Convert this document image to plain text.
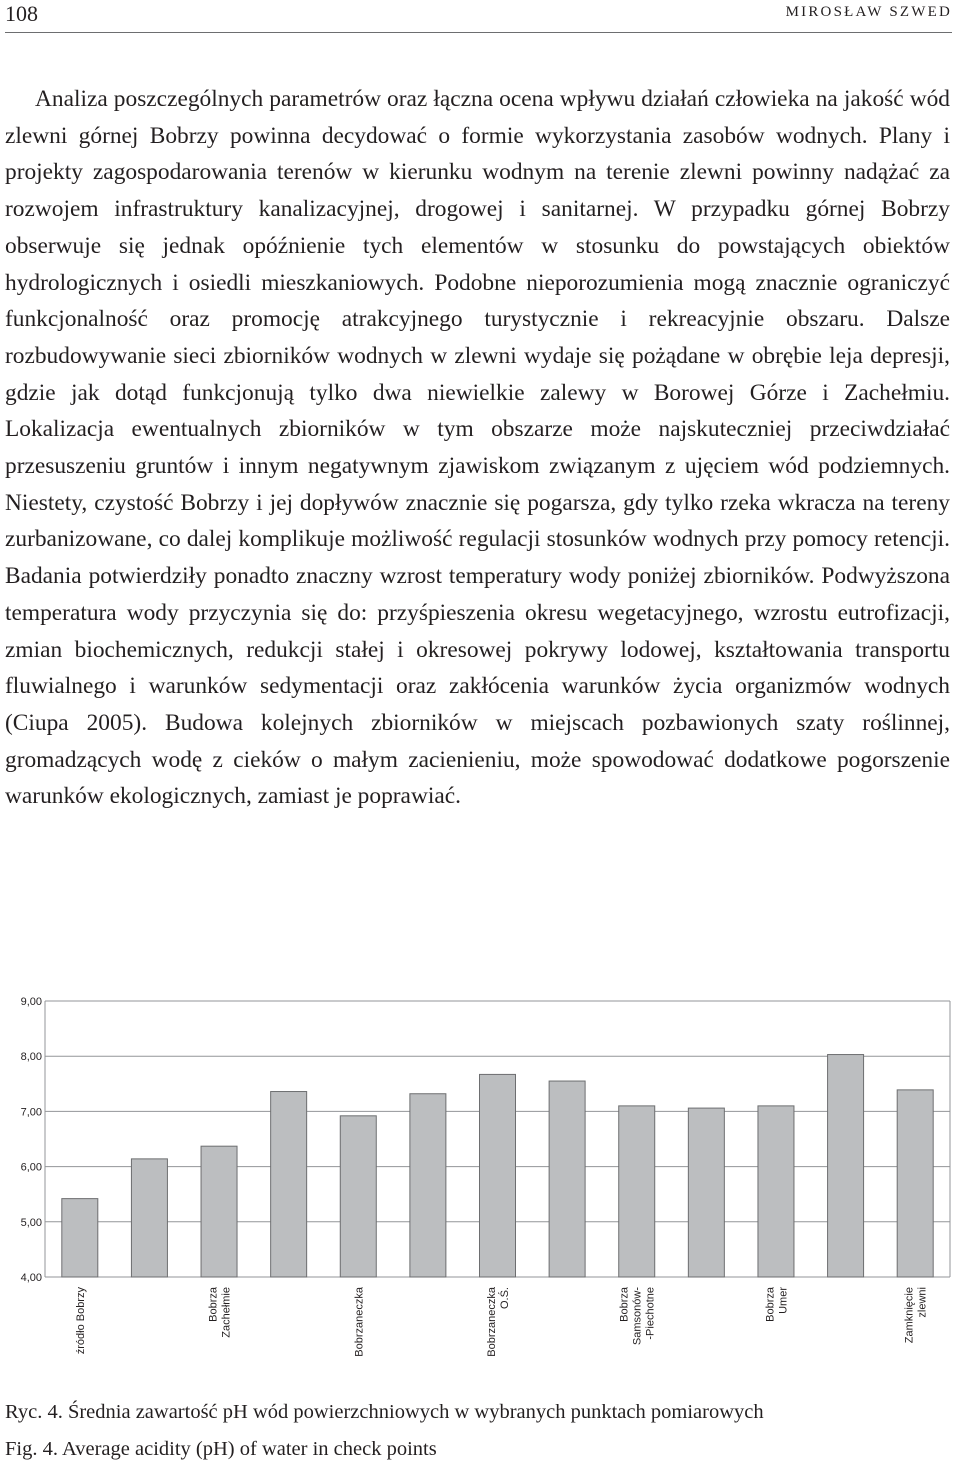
108	MIROSŁAW SZWED

Analiza poszczególnych parametrów oraz łączna ocena wpływu działań człowieka na jakość wód zlewni górnej Bobrzy powinna decydować o formie wykorzystania zasobów wodnych. Plany i projekty zagospodarowania terenów w kierunku wodnym na terenie zlewni powinny nadążać za rozwojem infrastruktury kanalizacyjnej, drogowej i sanitarnej. W przypadku górnej Bobrzy obserwuje się jednak opóźnienie tych elementów w stosunku do powstających obiektów hydrologicznych i osiedli mieszkaniowych. Podobne nieporozumienia mogą znacznie ograniczyć funkcjonalność oraz promocję atrakcyjnego turystycznie i rekreacyjnie obszaru. Dalsze rozbudowywanie sieci zbiorników wodnych w zlewni wydaje się pożądane w obrębie leja depresji, gdzie jak dotąd funkcjonują tylko dwa niewielkie zalewy w Borowej Górze i Zachełmiu. Lokalizacja ewentualnych zbiorników w tym obszarze może najskuteczniej przeciwdziałać przesuszeniu gruntów i innym negatywnym zjawiskom związanym z ujęciem wód podziemnych. Niestety, czystość Bobrzy i jej dopływów znacznie się pogarsza, gdy tylko rzeka wkracza na tereny zurbanizowane, co dalej komplikuje możliwość regulacji stosunków wodnych przy pomocy retencji. Badania potwierdziły ponadto znaczny wzrost temperatury wody poniżej zbiorników. Podwyższona temperatura wody przyczynia się do: przyśpieszenia okresu wegetacyjnego, wzrostu eutrofizacji, zmian biochemicznych, redukcji stałej i okresowej pokrywy lodowej, kształtowania transportu fluwialnego i warunków sedymentacji oraz zakłócenia warunków życia organizmów wodnych (Ciupa 2005). Budowa kolejnych zbiorników w miejscach pozbawionych szaty roślinnej, gromadzących wodę z cieków o małym zacienieniu, może spowodować dodatkowe pogorszenie warunków ekologicznych, zamiast je poprawiać.

4,00
5,00
6,00
7,00
8,00
9,00
źródło Bobrzy	Bobrza Zachełmie	Bobrzaneczka	Bobrzaneczka O.Ś.	Bobrza Samsonów- -Piechotne	Bobrza Umer	Zamknięcie zlewni

Ryc. 4. Średnia zawartość pH wód powierzchniowych w wybranych punktach pomiarowych

Fig. 4. Average acidity (pH) of water in check points
